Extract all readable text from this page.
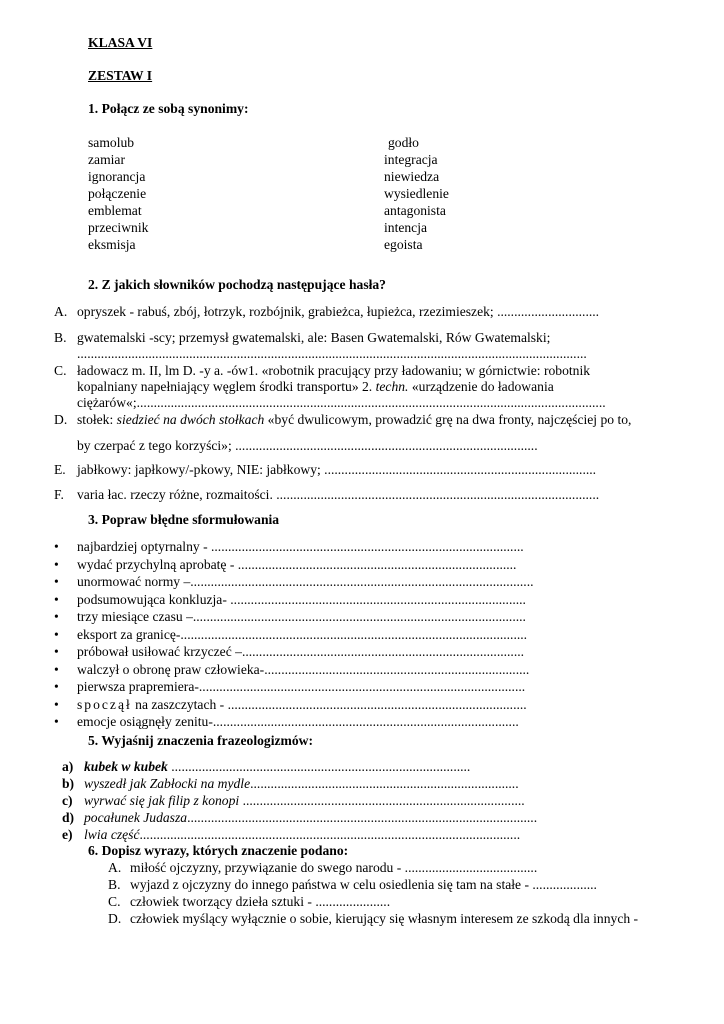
KLASA VI
ZESTAW I
1. Połącz ze sobą synonimy:
samolub
zamiar
ignorancja
połączenie
emblemat
przeciwnik
eksmisja
godło
integracja
niewiedza
wysiedlenie
antagonista
intencja
egoista
2. Z jakich słowników pochodzą następujące hasła?
A. opryszek - rabuś, zbój, łotrzyk, rozbójnik, grabieżca, łupieżca, rzezimieszek; ..............................
B. gwatemalski -scy; przemysł gwatemalski, ale: Basen Gwatemalski, Rów Gwatemalski;
......................................................................................................................................................
C. ładowacz m. II, lm D. -y a. -ów1. «robotnik pracujący przy ładowaniu; w górnictwie: robotnik
kopalniany napełniający węglem środki transportu» 2. techn. «urządzenie do ładowania
ciężarów«;..........................................................................................................................................
D. stołek: siedzieć na dwóch stołkach «być dwulicowym, prowadzić grę na dwa fronty, najczęściej po to,
by czerpać z tego korzyści»; .........................................................................................
E. jabłkowy: japłkowy/-pkowy, NIE: jabłkowy; ................................................................................
F. varia łac. rzeczy różne, rozmaitości. ...............................................................................................
3. Popraw błędne sformułowania
• najbardziej optyrnalny - ............................................................................................
• wydać przychylną aprobatę - ..................................................................................
• unormować normy –.....................................................................................................
• podsumowująca konkluzja- .......................................................................................
• trzy miesiące czasu –..................................................................................................
• eksport za granicę-......................................................................................................
• próbował usiłować krzyczeć –...................................................................................
• walczył o obronę praw człowieka-..............................................................................
• pierwsza prapremiera-................................................................................................
• spoczął na zaszczytach - ........................................................................................
• emocje osiągnęły zenitu-..........................................................................................
5. Wyjaśnij znaczenia frazeologizmów:
a) kubek w kubek ........................................................................................
b) wyszedł jak Zabłocki na mydle...............................................................................
c) wyrwać się jak filip z konopi ...................................................................................
d) pocałunek Judasza.......................................................................................................
e) lwia część................................................................................................................
6. Dopisz wyrazy, których znaczenie podano:
A. miłość ojczyzny, przywiązanie do swego narodu - .......................................
B. wyjazd z ojczyzny do innego państwa w celu osiedlenia się tam na stałe - ...................
C. człowiek tworzący dzieła sztuki - ......................
D. człowiek myślący wyłącznie o sobie, kierujący się własnym interesem ze szkodą dla innych -
